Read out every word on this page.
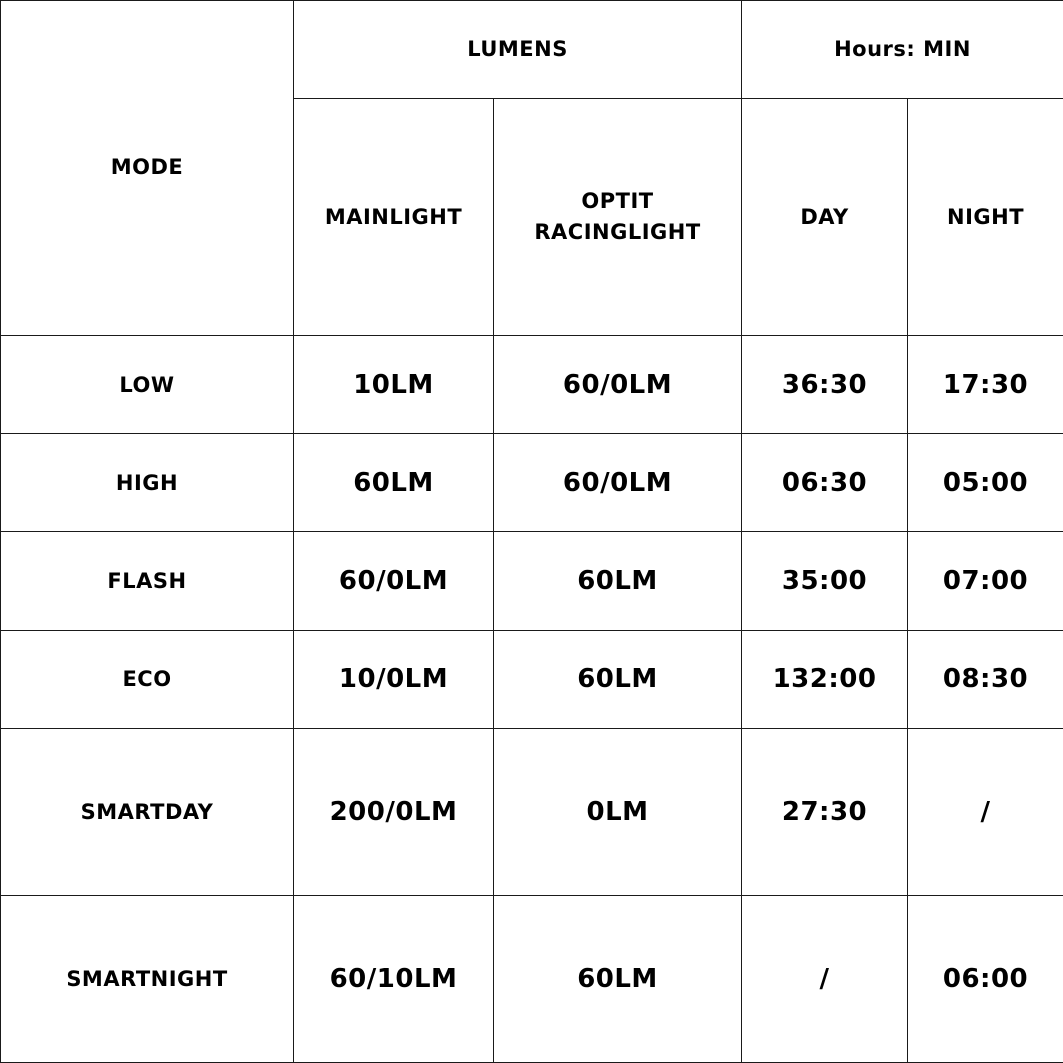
MODE	LUMENS		Hours: MIN	
	MAINLIGHT	OPTIT
RACINGLIGHT	DAY	NIGHT
LOW	10LM	60/0LM	36:30	17:30
HIGH	60LM	60/0LM	06:30	05:00
FLASH	60/0LM	60LM	35:00	07:00
ECO	10/0LM	60LM	132:00	08:30
SMARTDAY	200/0LM	0LM	27:30	/
SMARTNIGHT	60/10LM	60LM	/	06:00
